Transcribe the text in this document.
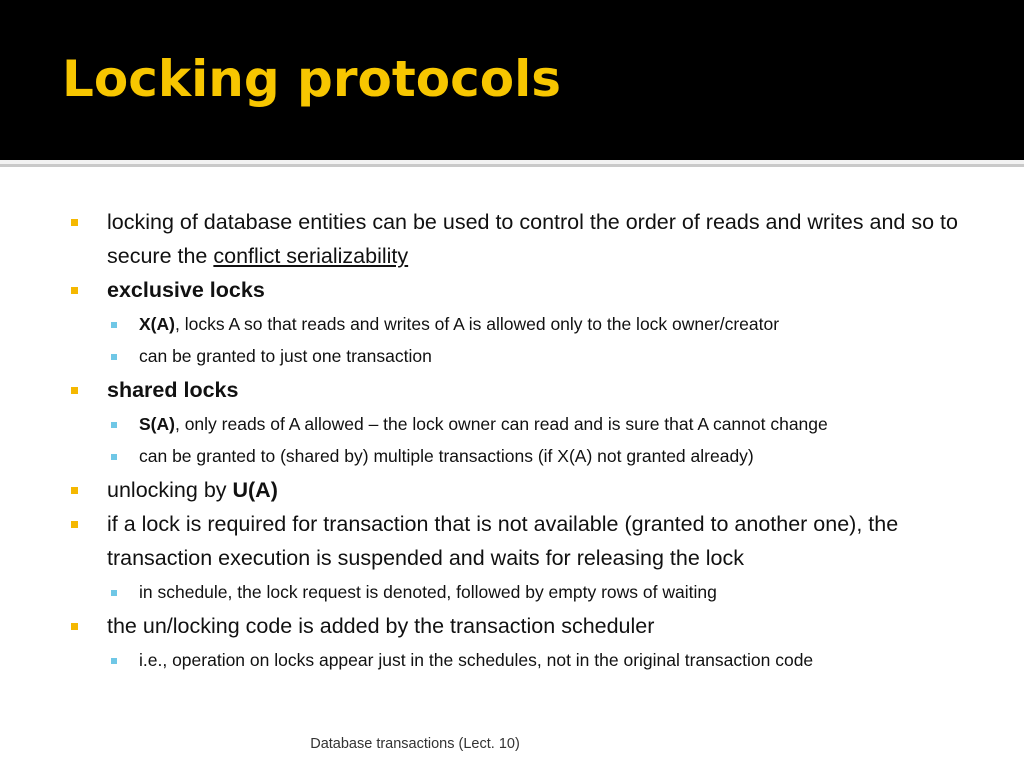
Locking protocols
locking of database entities can be used to control the order of reads and writes and so to secure the conflict serializability
exclusive locks
X(A), locks A so that reads and writes of A is allowed only to the lock owner/creator
can be granted to just one transaction
shared locks
S(A), only reads of A allowed – the lock owner can read and is sure that A cannot change
can be granted to (shared by) multiple transactions (if X(A) not granted already)
unlocking by U(A)
if a lock is required for transaction that is not available (granted to another one), the transaction execution is suspended and waits for releasing the lock
in schedule, the lock request is denoted, followed by empty rows of waiting
the un/locking code is added by the transaction scheduler
i.e., operation on locks appear just in the schedules, not in the original transaction code
Database transactions (Lect. 10)
